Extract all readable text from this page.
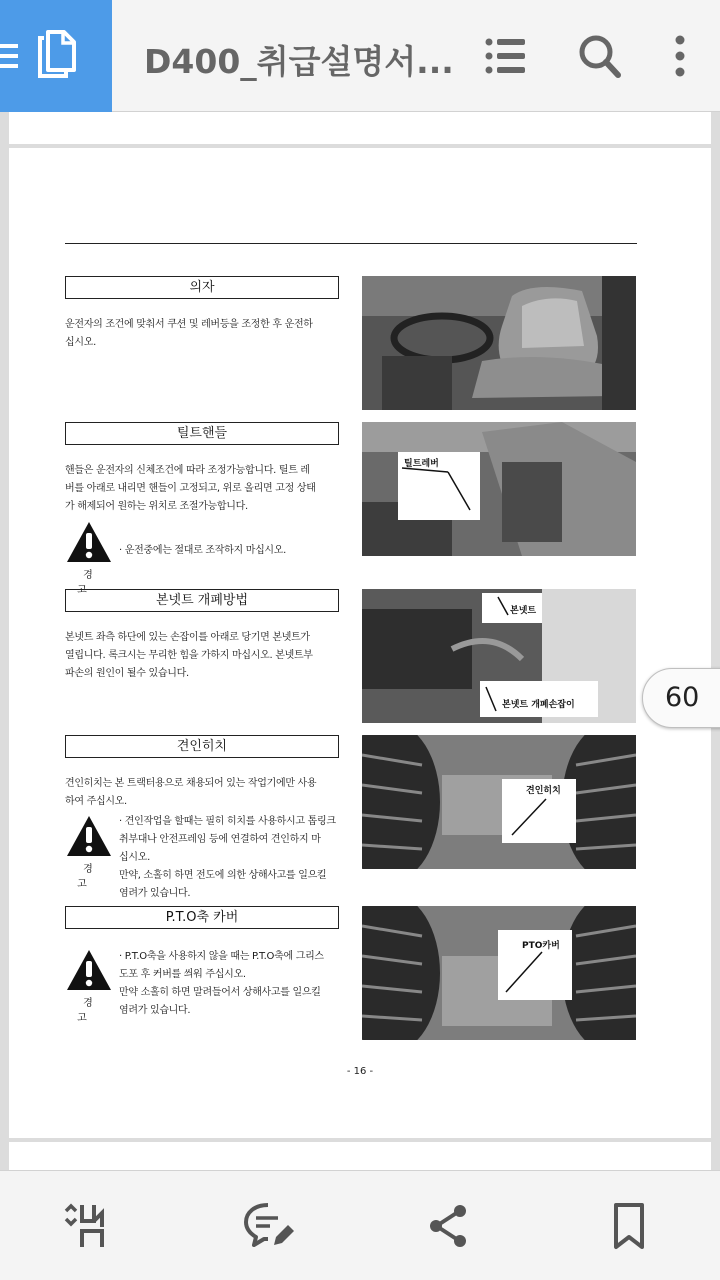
D400_취급설명서...
의자
운전자의 조건에 맞춰서 쿠션 및 레버등을 조정한 후 운전하
십시오.
틸트핸들
핸들은 운전자의 신체조건에 따라 조정가능합니다. 틸트 레
버를 아래로 내리면 핸들이 고정되고, 위로 올리면 고정 상태
가 해제되어 원하는 위치로 조절가능합니다.
경고
· 운전중에는 절대로 조작하지 마십시오.
틸트레버
본넷트 개폐방법
본넷트 좌측 하단에 있는 손잡이를 아래로 당기면 본넷트가
열립니다. 록크시는 무리한 힘을 가하지 마십시오. 본넷트부
파손의 원인이 될수 있습니다.
본넷트
본넷트 개폐손잡이
견인히치
견인히치는 본 트랙터용으로 채용되어 있는 작업기에만 사용
하여 주십시오.
경고
· 견인작업을 할때는 필히 히치를 사용하시고 톱링크
취부대나 안전프레임 등에 연결하여 견인하지 마
십시오.
만약, 소홀히 하면 전도에 의한 상해사고를 일으킬
염려가 있습니다.
견인히치
P.T.O축 카버
경고
· P.T.O축을 사용하지 않을 때는 P.T.O축에 그리스
도포 후 커버를 씌워 주십시오.
만약 소홀히 하면 말려들어서 상해사고를 일으킬
염려가 있습니다.
PTO카버
- 16 -
60
